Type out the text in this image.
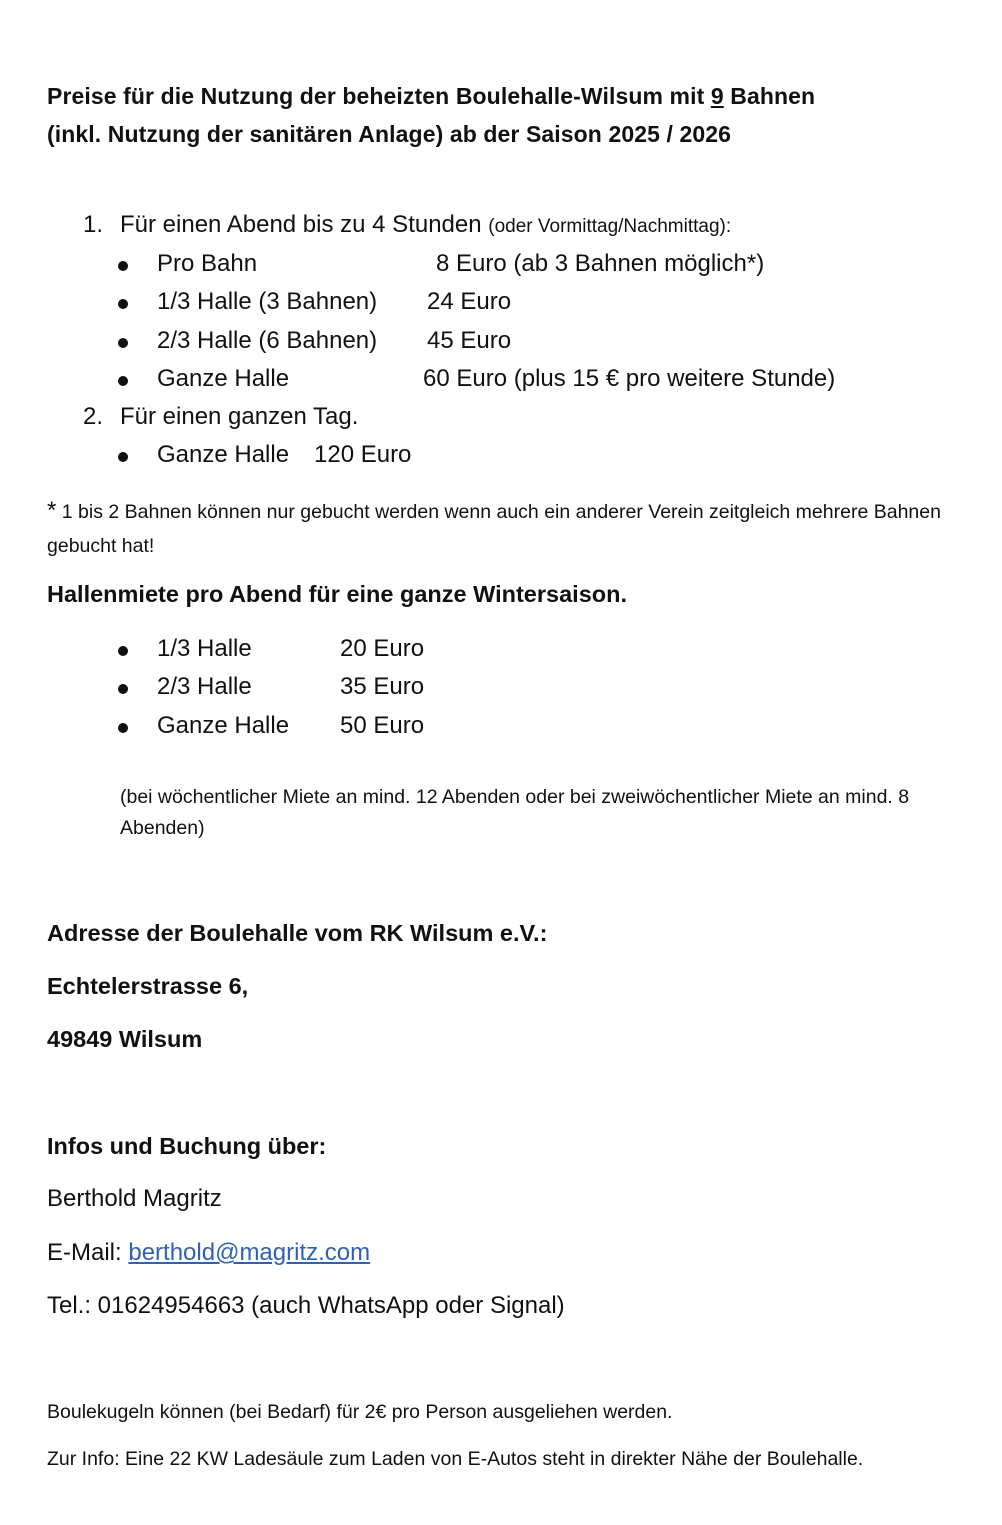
Preise für die Nutzung der beheizten Boulehalle-Wilsum mit 9 Bahnen
(inkl. Nutzung der sanitären Anlage) ab der Saison 2025 / 2026
1. Für einen Abend bis zu 4 Stunden (oder Vormittag/Nachmittag):
Pro Bahn	8 Euro (ab 3 Bahnen möglich*)
1/3 Halle (3 Bahnen) 24 Euro
2/3 Halle (6 Bahnen) 45 Euro
Ganze Halle	60 Euro (plus 15 € pro weitere Stunde)
2. Für einen ganzen Tag.
Ganze Halle 120 Euro
* 1 bis 2 Bahnen können nur gebucht werden wenn auch ein anderer Verein zeitgleich mehrere Bahnen gebucht hat!
Hallenmiete pro Abend für eine ganze Wintersaison.
1/3 Halle	20 Euro
2/3 Halle	35 Euro
Ganze Halle 50 Euro
(bei wöchentlicher Miete an mind. 12 Abenden oder bei zweiwöchentlicher Miete an mind. 8 Abenden)
Adresse der Boulehalle vom RK Wilsum e.V.:
Echtelerstrasse 6,
49849 Wilsum
Infos und Buchung über:
Berthold Magritz
E-Mail: berthold@magritz.com
Tel.: 01624954663 (auch WhatsApp oder Signal)
Boulekugeln können (bei Bedarf) für 2€ pro Person ausgeliehen werden.
Zur Info: Eine 22 KW Ladesäule zum Laden von E-Autos steht in direkter Nähe der Boulehalle.
